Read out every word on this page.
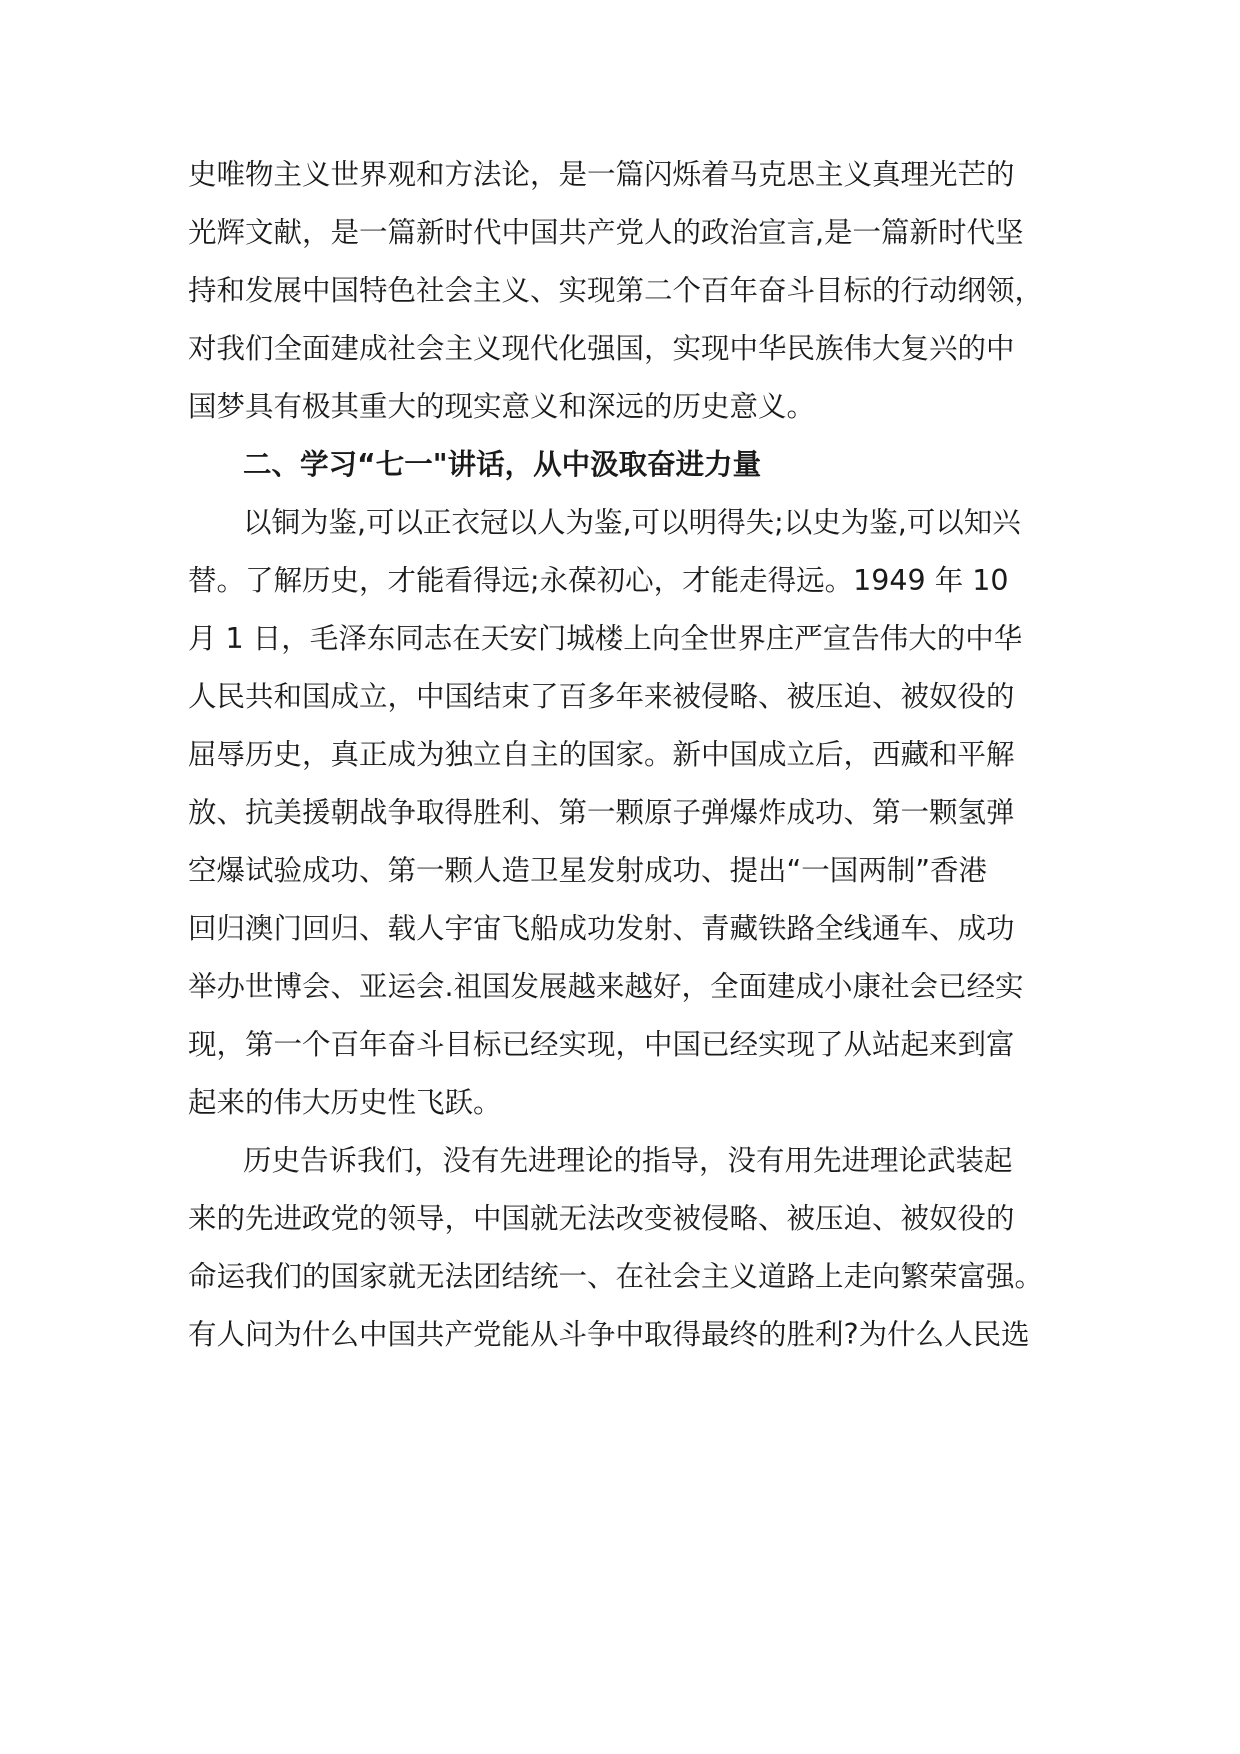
史唯物主义世界观和方法论，是一篇闪烁着马克思主义真理光芒的
光辉文献，是一篇新时代中国共产党人的政治宣言,是一篇新时代坚
持和发展中国特色社会主义、实现第二个百年奋斗目标的行动纲领，
对我们全面建成社会主义现代化强国，实现中华民族伟大复兴的中
国梦具有极其重大的现实意义和深远的历史意义。
二、学习“七一"讲话，从中汲取奋进力量
以铜为鉴,可以正衣冠以人为鉴,可以明得失;以史为鉴,可以知兴
替。了解历史，才能看得远;永葆初心，才能走得远。1949 年 10
月 1 日，毛泽东同志在天安门城楼上向全世界庄严宣告伟大的中华
人民共和国成立，中国结束了百多年来被侵略、被压迫、被奴役的
屈辱历史，真正成为独立自主的国家。新中国成立后，西藏和平解
放、抗美援朝战争取得胜利、第一颗原子弹爆炸成功、第一颗氢弹
空爆试验成功、第一颗人造卫星发射成功、提出“一国两制”香港
回归澳门回归、载人宇宙飞船成功发射、青藏铁路全线通车、成功
举办世博会、亚运会.祖国发展越来越好，全面建成小康社会已经实
现，第一个百年奋斗目标已经实现，中国已经实现了从站起来到富
起来的伟大历史性飞跃。
历史告诉我们，没有先进理论的指导，没有用先进理论武装起
来的先进政党的领导，中国就无法改变被侵略、被压迫、被奴役的
命运我们的国家就无法团结统一、在社会主义道路上走向繁荣富强。
有人问为什么中国共产党能从斗争中取得最终的胜利?为什么人民选
